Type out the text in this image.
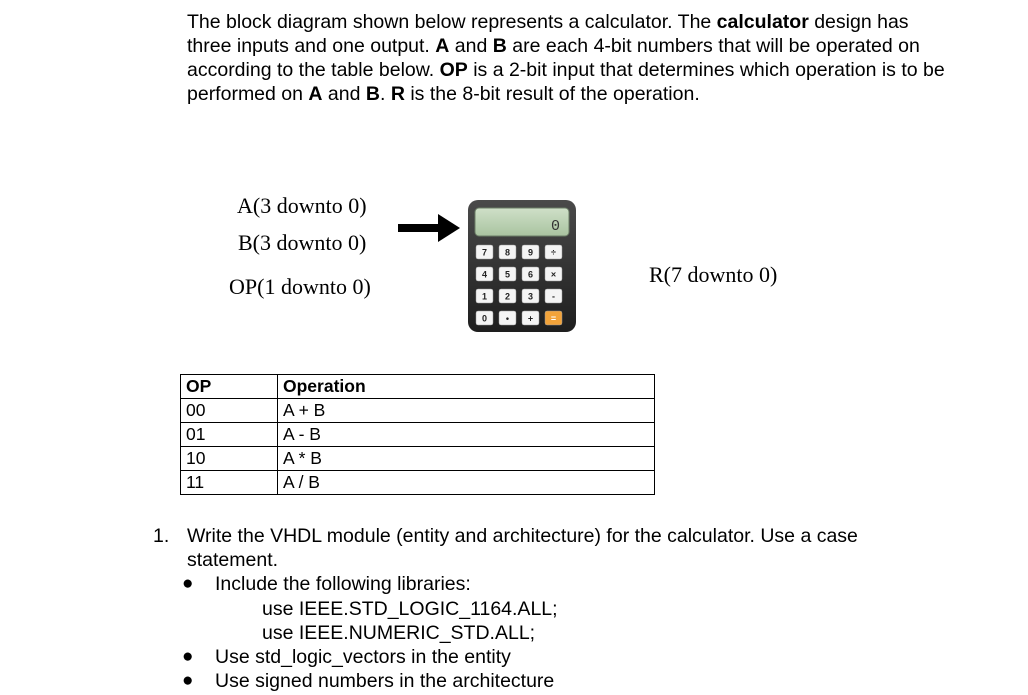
The block diagram shown below represents a calculator. The calculator design has three inputs and one output. A and B are each 4-bit numbers that will be operated on according to the table below. OP is a 2-bit input that determines which operation is to be performed on A and B. R is the 8-bit result of the operation.
A(3 downto 0)
B(3 downto 0)
OP(1 downto 0)	R(7 downto 0)
0
7 8 9 ÷
4 5 6 ×
1 2 3 -
0 • + =
OP	Operation
00	A + B
01	A - B
10	A * B
11	A / B
1. Write the VHDL module (entity and architecture) for the calculator. Use a case statement.
● Include the following libraries:
use IEEE.STD_LOGIC_1164.ALL;
use IEEE.NUMERIC_STD.ALL;
● Use std_logic_vectors in the entity
● Use signed numbers in the architecture
